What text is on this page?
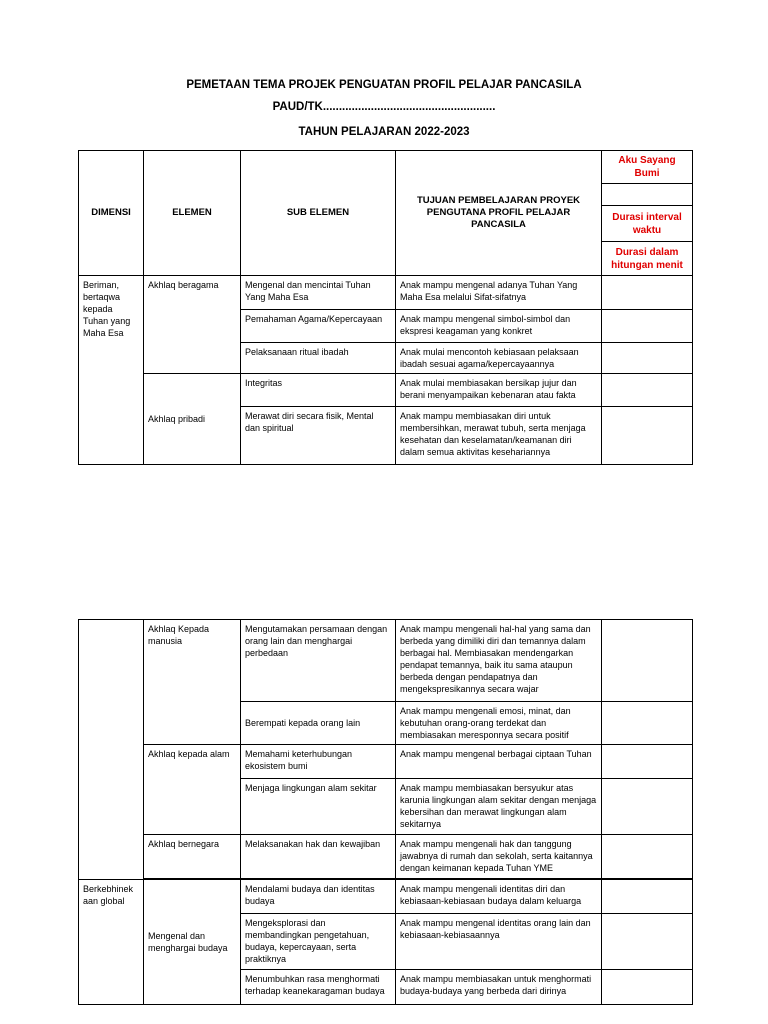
PEMETAAN TEMA PROJEK PENGUATAN PROFIL PELAJAR PANCASILA
PAUD/TK......................................................
TAHUN PELAJARAN 2022-2023
DIMENSI	ELEMEN	SUB ELEMEN	TUJUAN PEMBELAJARAN PROYEK PENGUTANA PROFIL PELAJAR PANCASILA	Aku Sayang Bumi

				Durasi interval waktu
				Durasi dalam hitungan menit
Beriman, bertaqwa kepada Tuhan yang Maha Esa	Akhlaq beragama	Mengenal dan mencintai Tuhan Yang Maha Esa	Anak mampu mengenal adanya Tuhan Yang Maha Esa melalui Sifat-sifatnya	
		Pemahaman Agama/Kepercayaan	Anak mampu mengenal simbol-simbol dan ekspresi keagaman yang konkret	
		Pelaksanaan ritual ibadah	Anak mulai mencontoh kebiasaan pelaksaan ibadah sesuai agama/kepercayaannya	
	Akhlaq pribadi	Integritas	Anak mulai membiasakan bersikap jujur dan berani menyampaikan kebenaran atau fakta	
		Merawat diri secara fisik, Mental dan spiritual	Anak mampu membiasakan diri untuk membersihkan, merawat tubuh, serta menjaga kesehatan dan keselamatan/keamanan diri dalam semua aktivitas kesehariannya	
	Akhlaq Kepada manusia	Mengutamakan persamaan dengan orang lain dan menghargai perbedaan	Anak mampu mengenali hal-hal yang sama dan berbeda yang dimiliki diri dan temannya dalam berbagai hal. Membiasakan mendengarkan pendapat temannya, baik itu sama ataupun berbeda dengan pendapatnya dan mengekspresikannya secara wajar	
		Berempati kepada orang lain	Anak mampu mengenali emosi, minat, dan kebutuhan orang-orang terdekat dan membiasakan meresponnya secara positif	
	Akhlaq kepada alam	Memahami keterhubungan ekosistem bumi	Anak mampu mengenal berbagai ciptaan Tuhan	
		Menjaga lingkungan alam sekitar	Anak mampu membiasakan bersyukur atas karunia lingkungan alam sekitar dengan menjaga kebersihan dan merawat lingkungan alam sekitarnya	
	Akhlaq bernegara	Melaksanakan hak dan kewajiban	Anak mampu mengenali hak dan tanggung jawabnya di rumah dan sekolah, serta kaitannya dengan keimanan kepada Tuhan YME	

Berkebhinek aan global	Mengenal dan menghargai budaya	Mendalami budaya dan identitas budaya	Anak mampu mengenali identitas diri dan kebiasaan-kebiasaan budaya dalam keluarga	
		Mengeksplorasi dan membandingkan pengetahuan, budaya, kepercayaan, serta praktiknya	Anak mampu mengenal identitas orang lain dan kebiasaan-kebiasaannya	
		Menumbuhkan rasa menghormati terhadap keanekaragaman budaya	Anak mampu membiasakan untuk menghormati budaya-budaya yang berbeda dari dirinya	
